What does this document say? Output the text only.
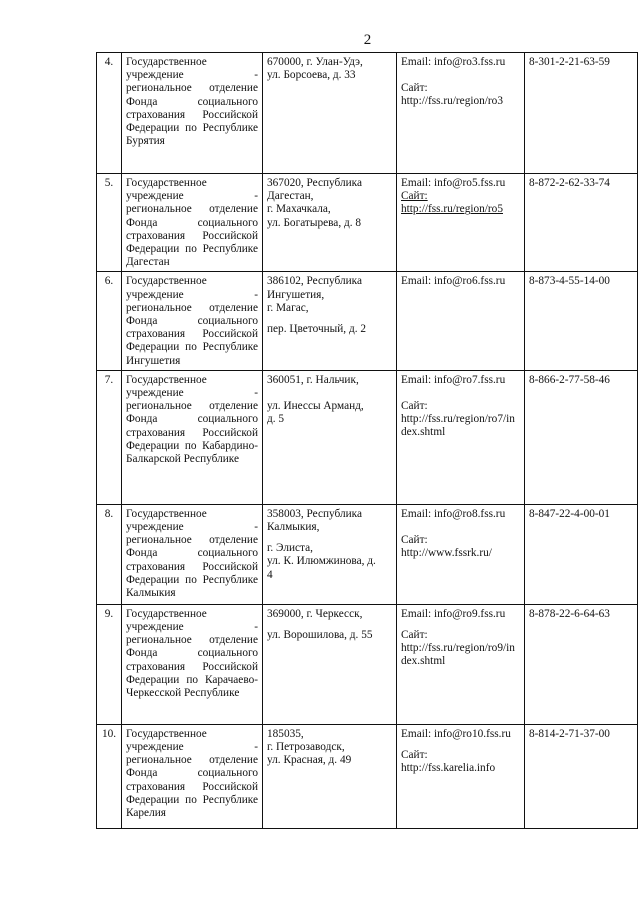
2
4.	Государственное учреждение - региональное отделение Фонда социального страхования Российской Федерации по Республике Бурятия	670000, г. Улан-Удэ,
ул. Борсоева, д. 33	Email: info@ro3.fss.ru
Сайт:
http://fss.ru/region/ro3	8-301-2-21-63-59
5.	Государственное учреждение - региональное отделение Фонда социального страхования Российской Федерации по Республике Дагестан	367020, Республика
Дагестан,
г. Махачкала,
ул. Богатырева, д. 8	Email: info@ro5.fss.ru
Сайт:
http://fss.ru/region/ro5	8-872-2-62-33-74
6.	Государственное учреждение - региональное отделение Фонда социального страхования Российской Федерации по Республике Ингушетия	386102, Республика
Ингушетия,
г. Магас,
пер. Цветочный, д. 2	Email: info@ro6.fss.ru	8-873-4-55-14-00
7.	Государственное учреждение - региональное отделение Фонда социального страхования Российской Федерации по Кабардино-Балкарской Республике	360051, г. Нальчик,
ул. Инессы Арманд,
д. 5	Email: info@ro7.fss.ru
Сайт:
http://fss.ru/region/ro7/index.shtml	8-866-2-77-58-46
8.	Государственное учреждение - региональное отделение Фонда социального страхования Российской Федерации по Республике Калмыкия	358003, Республика
Калмыкия,
г. Элиста,
ул. К. Илюмжинова, д.
4	Email: info@ro8.fss.ru
Сайт:
http://www.fssrk.ru/	8-847-22-4-00-01
9.	Государственное учреждение - региональное отделение Фонда социального страхования Российской Федерации по Карачаево-Черкесской Республике	369000, г. Черкесск,
ул. Ворошилова, д. 55	Email: info@ro9.fss.ru
Сайт:
http://fss.ru/region/ro9/index.shtml	8-878-22-6-64-63
10.	Государственное учреждение - региональное отделение Фонда социального страхования Российской Федерации по Республике Карелия	185035,
г. Петрозаводск,
ул. Красная, д. 49	Email: info@ro10.fss.ru
Сайт:
http://fss.karelia.info	8-814-2-71-37-00
